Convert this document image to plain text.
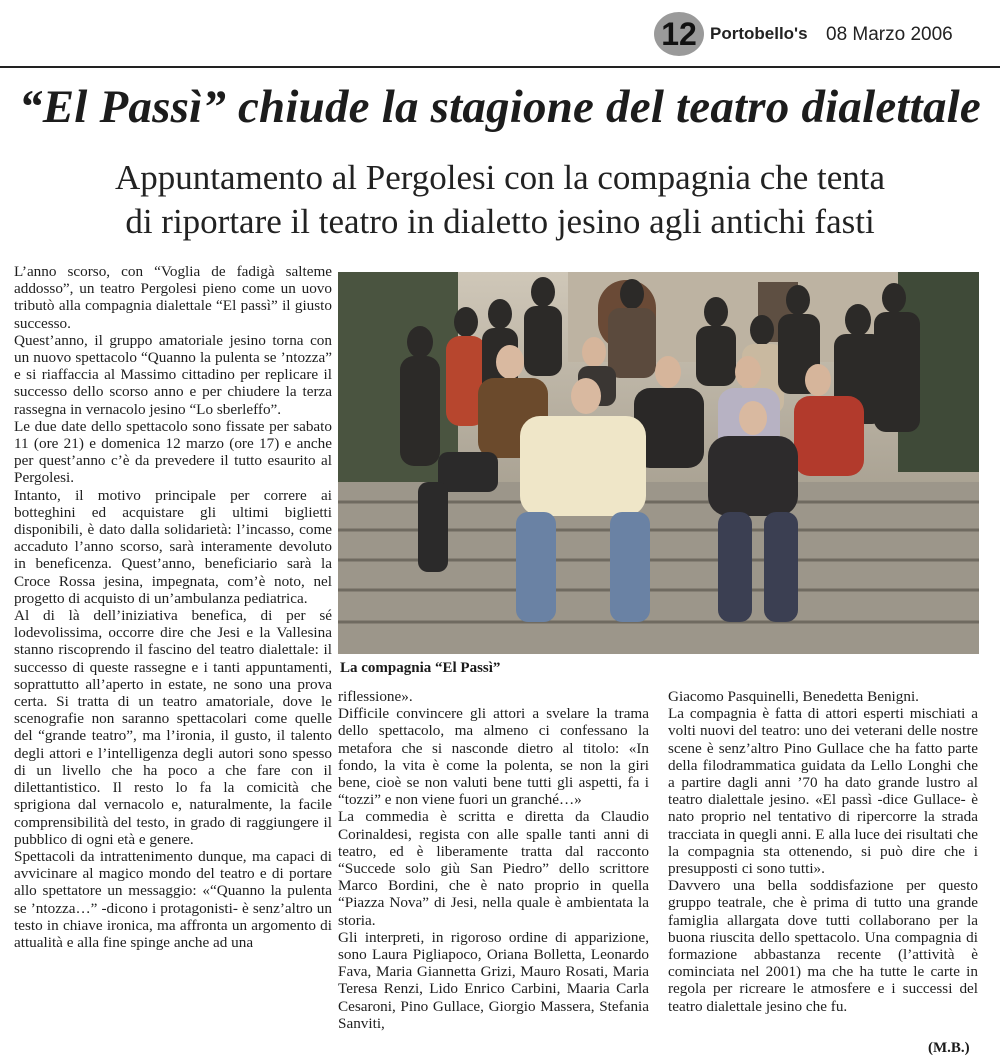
12 Portobello's 08 Marzo 2006
“El Passì” chiude la stagione del teatro dialettale
Appuntamento al Pergolesi con la compagnia che tenta
di riportare il teatro in dialetto jesino agli antichi fasti

L’anno scorso, con “Voglia de fadigà salteme addosso”, un teatro Pergolesi pieno come un uovo tributò alla compagnia dialettale “El passì” il giusto successo.

Quest’anno, il gruppo amatoriale jesino torna con un nuovo spettacolo “Quanno la pulenta se ’ntozza” e si riaffaccia al Massimo cittadino per replicare il successo dello scorso anno e per chiudere la terza rassegna in vernacolo jesino “Lo sberleffo”.

Le due date dello spettacolo sono fissate per sabato 11 (ore 21) e domenica 12 marzo (ore 17) e anche per quest’anno c’è da prevedere il tutto esaurito al Pergolesi.

Intanto, il motivo principale per correre ai botteghini ed acquistare gli ultimi biglietti disponibili, è dato dalla solidarietà: l’incasso, come accaduto l’anno scorso, sarà interamente devoluto in beneficenza. Quest’anno, beneficiario sarà la Croce Rossa jesina, impegnata, com’è noto, nel progetto di acquisto di un’ambulanza pediatrica.

Al di là dell’iniziativa benefica, di per sé lodevolissima, occorre dire che Jesi e la Vallesina stanno riscoprendo il fascino del teatro dialettale: il successo di queste rassegne e i tanti appuntamenti, soprattutto all’aperto in estate, ne sono una prova certa. Si tratta di un teatro amatoriale, dove le scenografie non saranno spettacolari come quelle del “grande teatro”, ma l’ironia, il gusto, il talento degli attori e l’intelligenza degli autori sono spesso di un livello che ha poco a che fare con il dilettantistico. Il resto lo fa la comicità che sprigiona dal vernacolo e, naturalmente, la facile comprensibilità del testo, in grado di raggiungere il pubblico di ogni età e genere.

Spettacoli da intrattenimento dunque, ma capaci di avvicinare al magico mondo del teatro e di portare allo spettatore un messaggio: «“Quanno la pulenta se ’ntozza…” -dicono i protagonisti- è senz’altro un testo in chiave ironica, ma affronta un argomento di attualità e alla fine spinge anche ad una

La compagnia “El Passì”

riflessione».

Difficile convincere gli attori a svelare la trama dello spettacolo, ma almeno ci confessano la metafora che si nasconde dietro al titolo: «In fondo, la vita è come la polenta, se non la giri bene, cioè se non valuti bene tutti gli aspetti, fa i “tozzi” e non viene fuori un granché…»

La commedia è scritta e diretta da Claudio Corinaldesi, regista con alle spalle tanti anni di teatro, ed è liberamente tratta dal racconto “Succede solo giù San Piedro” dello scrittore Marco Bordini, che è nato proprio in quella “Piazza Nova” di Jesi, nella quale è ambientata la storia.

Gli interpreti, in rigoroso ordine di apparizione, sono Laura Pigliapoco, Oriana Bolletta, Leonardo Fava, Maria Giannetta Grizi, Mauro Rosati, Maria Teresa Renzi, Lido Enrico Carbini, Maaria Carla Cesaroni, Pino Gullace, Giorgio Massera, Stefania Sanviti,

Giacomo Pasquinelli, Benedetta Benigni.

La compagnia è fatta di attori esperti mischiati a volti nuovi del teatro: uno dei veterani delle nostre scene è senz’altro Pino Gullace che ha fatto parte della filodrammatica guidata da Lello Longhi che a partire dagli anni ’70 ha dato grande lustro al teatro dialettale jesino. «El passì -dice Gullace- è nato proprio nel tentativo di ripercorre la strada tracciata in quegli anni. E alla luce dei risultati che la compagnia sta ottenendo, si può dire che i presupposti ci sono tutti».

Davvero una bella soddisfazione per questo gruppo teatrale, che è prima di tutto una grande famiglia allargata dove tutti collaborano per la buona riuscita dello spettacolo. Una compagnia di formazione abbastanza recente (l’attività è cominciata nel 2001) ma che ha tutte le carte in regola per ricreare le atmosfere e i successi del teatro dialettale jesino che fu.

(M.B.)
